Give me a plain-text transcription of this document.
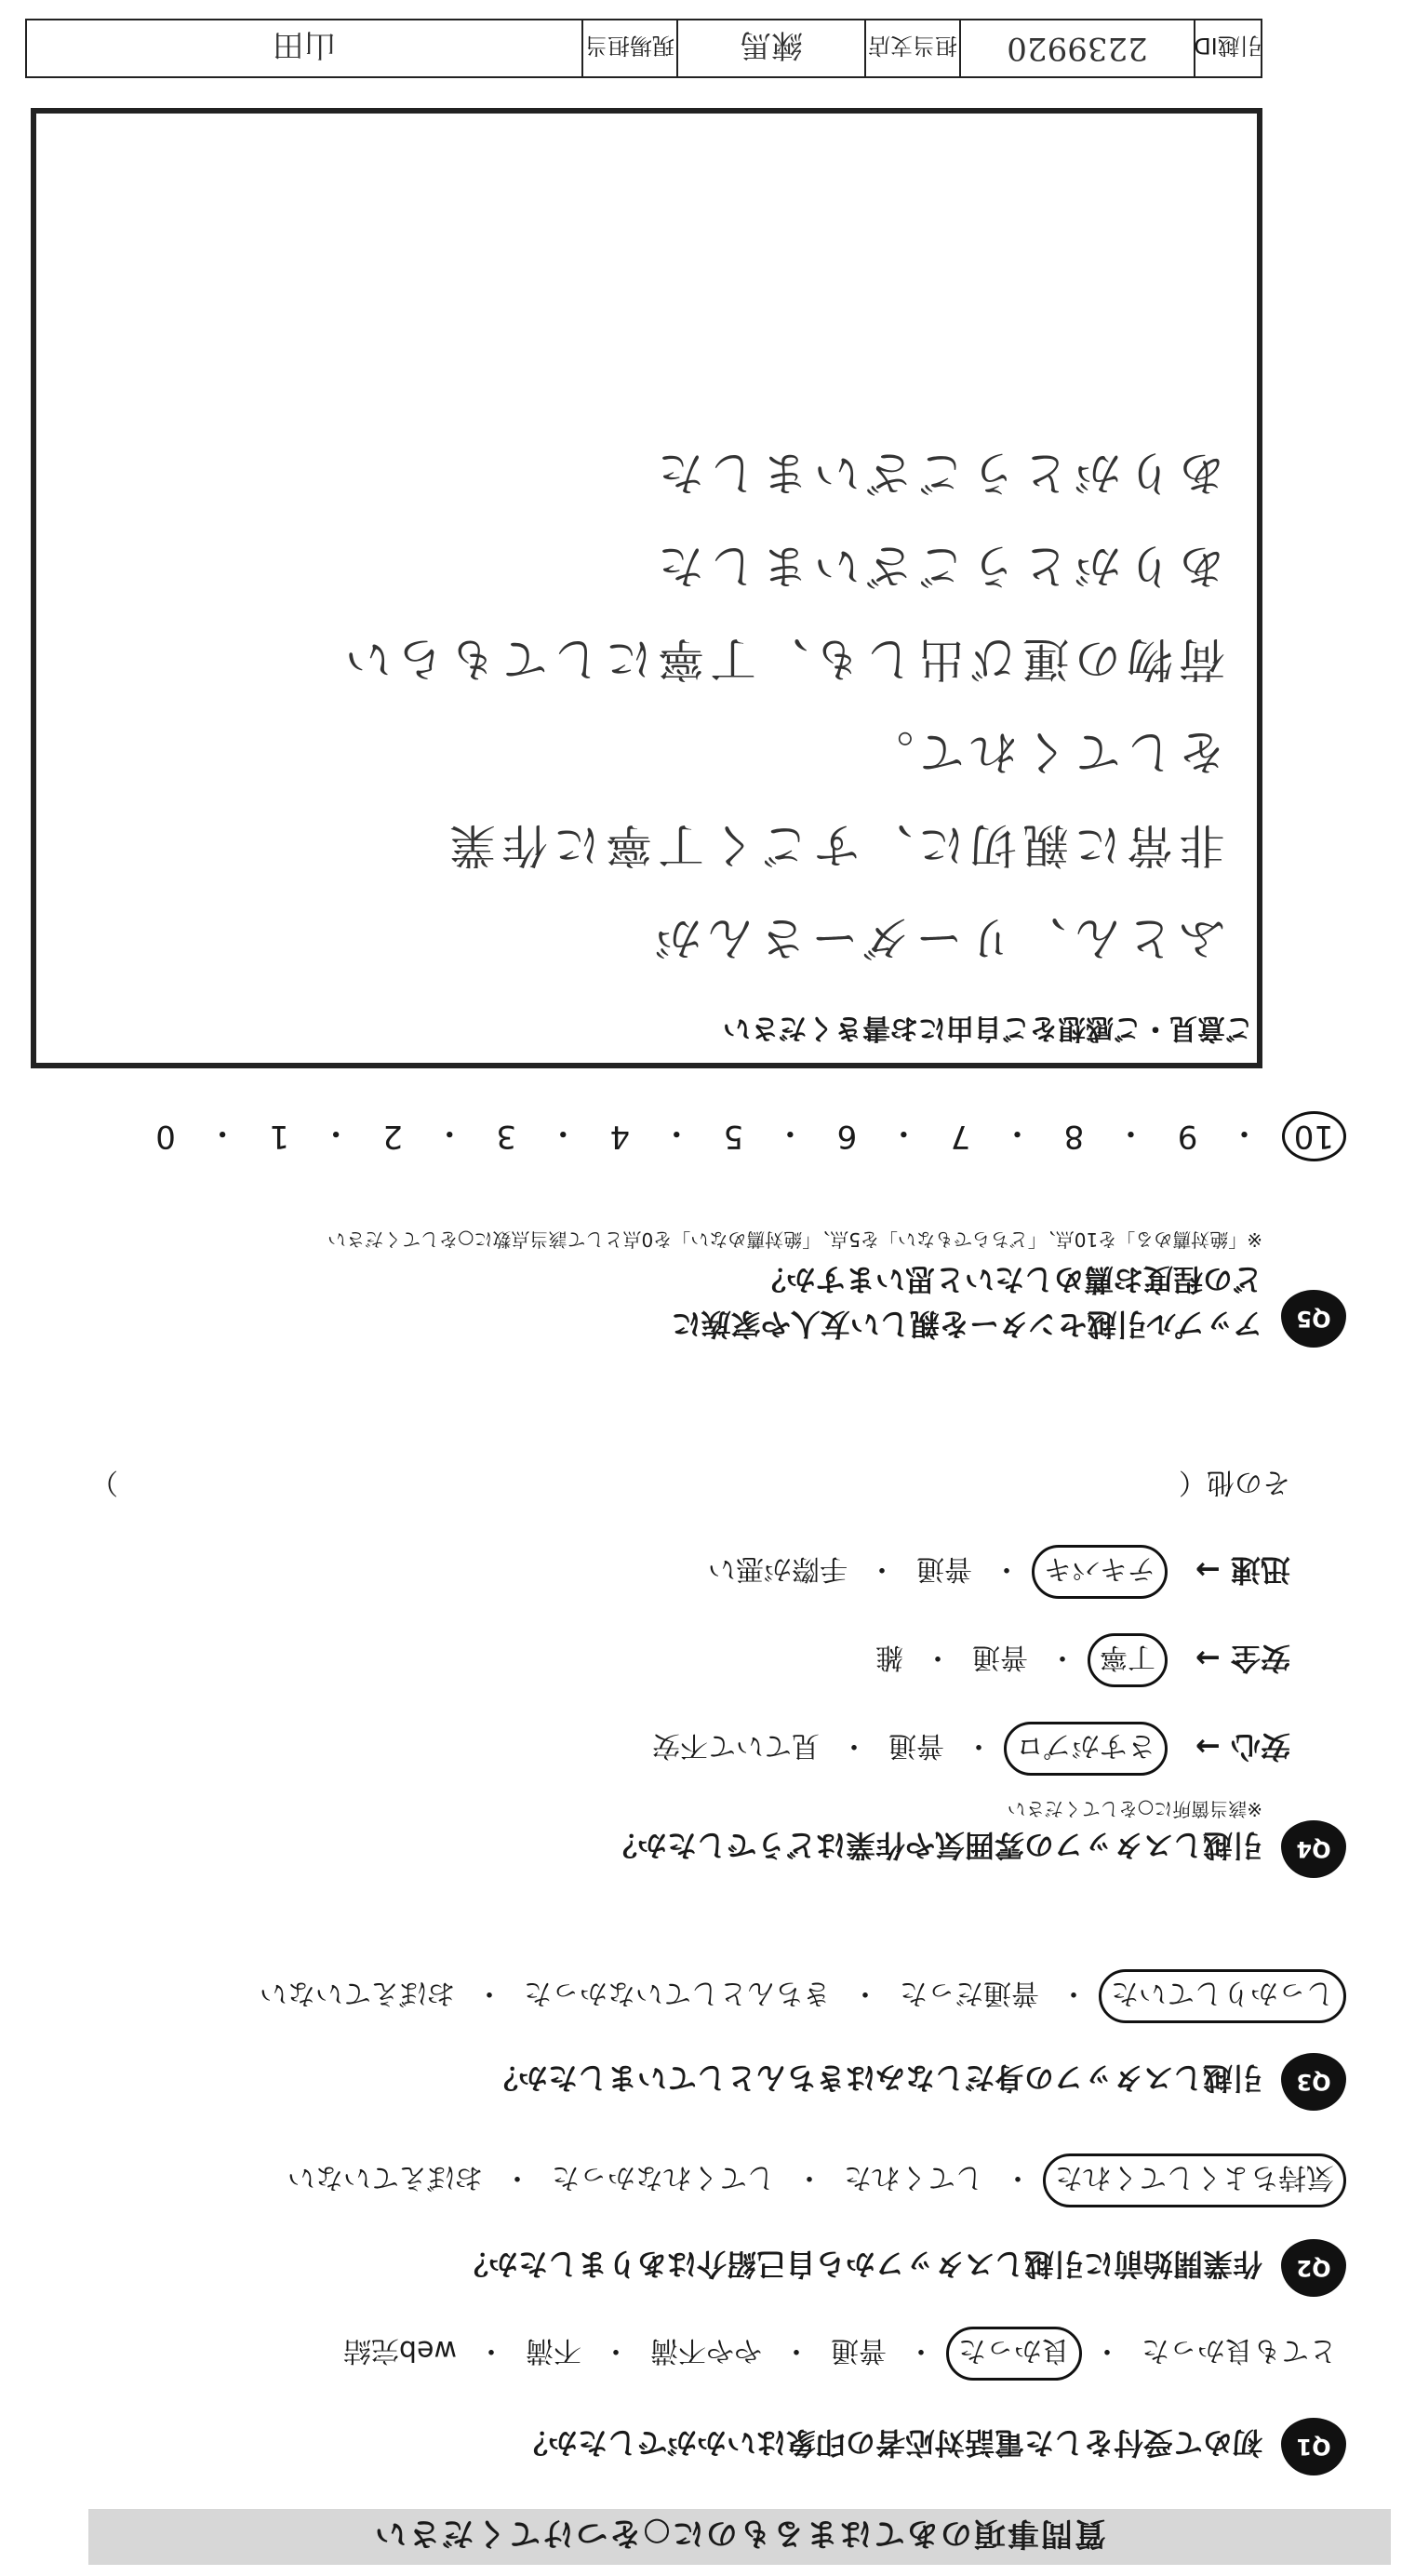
質問事項のあてはまるものに○をつけてください
Q1
初めて受付をした電話対応者の印象はいかがでしたか？
とても良かった
・
良かった
・
普通
・
やや不満
・
不満
・
web完結
Q2
作業開始前に引越しスタッフから自己紹介はありましたか？
気持ちよくしてくれた
・
してくれた
・
してくれなかった
・
おぼえていない
Q3
引越しスタッフの身だしなみはきちんとしていましたか？
しっかりしていた
・
普通だった
・
きちんとしていなかった
・
おぼえていない
Q4
引越しスタッフの雰囲気や作業はどうでしたか？
※該当箇所に○をしてください
安心 →
さすがプロ
・
普通
・
見ていて不安
安全 →
丁寧
・
普通
・
雑
迅速 →
テキパキ
・
普通
・
手際が悪い
その他（
）
Q5
アップル引越センターを親しい友人や家族に
どの程度お薦めしたいと思いますか？
※「絶対薦める」を10点、「どちらでもない」を5点、「絶対薦めない」を0点として該当点数に○をしてください
10
・
9
・
8
・
7
・
6
・
5
・
4
・
3
・
2
・
1
・
0
ご意見・ご感想をご自由にお書きください
ふとん、リーダーさんが
非常に親切に、すごく丁寧に作業
をしてくれて。
荷物の運び出しも、丁寧にしてもらい
ありがとうございました
ありがとうございました
引越ID
2239920
担当支店
練馬
現場担当
山田
